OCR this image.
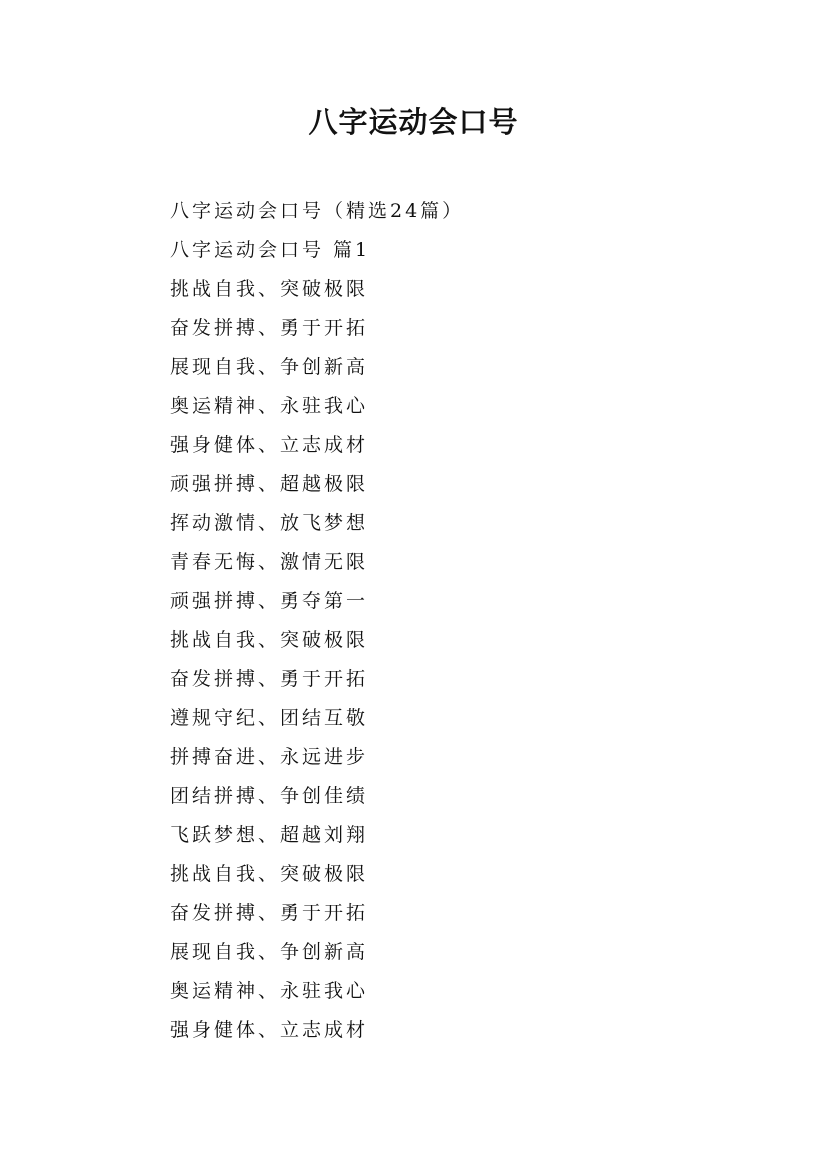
八字运动会口号
八字运动会口号（精选24篇）
八字运动会口号 篇1
挑战自我、突破极限
奋发拼搏、勇于开拓
展现自我、争创新高
奥运精神、永驻我心
强身健体、立志成材
顽强拼搏、超越极限
挥动激情、放飞梦想
青春无悔、激情无限
顽强拼搏、勇夺第一
挑战自我、突破极限
奋发拼搏、勇于开拓
遵规守纪、团结互敬
拼搏奋进、永远进步
团结拼搏、争创佳绩
飞跃梦想、超越刘翔
挑战自我、突破极限
奋发拼搏、勇于开拓
展现自我、争创新高
奥运精神、永驻我心
强身健体、立志成材
